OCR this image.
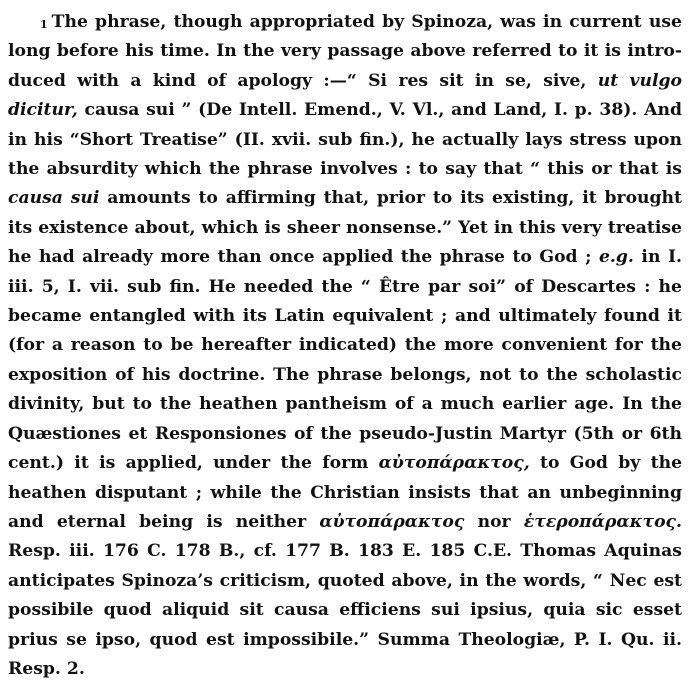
$^1$ The phrase, though appropriated by Spinoza, was in current use long before his time. In the very passage above referred to it is introduced with a kind of apology :—“ Si res sit in se, sive, ut vulgo dicitur, causa sui ” (De Intell. Emend., V. Vl., and Land, I. p. 38). And in his “Short Treatise” (II. xvii. sub fin.), he actually lays stress upon the absurdity which the phrase involves : to say that “ this or that is causa sui amounts to affirming that, prior to its existing, it brought its existence about, which is sheer nonsense.” Yet in this very treatise he had already more than once applied the phrase to God ; e.g. in I. iii. 5, I. vii. sub fin. He needed the “ Être par soi” of Descartes : he became entangled with its Latin equivalent ; and ultimately found it (for a reason to be hereafter indicated) the more convenient for the exposition of his doctrine. The phrase belongs, not to the scholastic divinity, but to the heathen pantheism of a much earlier age. In the Quæstiones et Responsiones of the pseudo-Justin Martyr (5th or 6th cent.) it is applied, under the form αὐτοπάρακτος, to God by the heathen disputant ; while the Christian insists that an unbeginning and eternal being is neither αὐτοπάρακτος nor ἑτεροπάρακτος. Resp. iii. 176 C. 178 B., cf. 177 B. 183 E. 185 C.E. Thomas Aquinas anticipates Spinoza’s criticism, quoted above, in the words, “ Nec est possibile quod aliquid sit causa efficiens sui ipsius, quia sic esset prius se ipso, quod est impossibile.” Summa Theologiæ, P. I. Qu. ii. Resp. 2.
